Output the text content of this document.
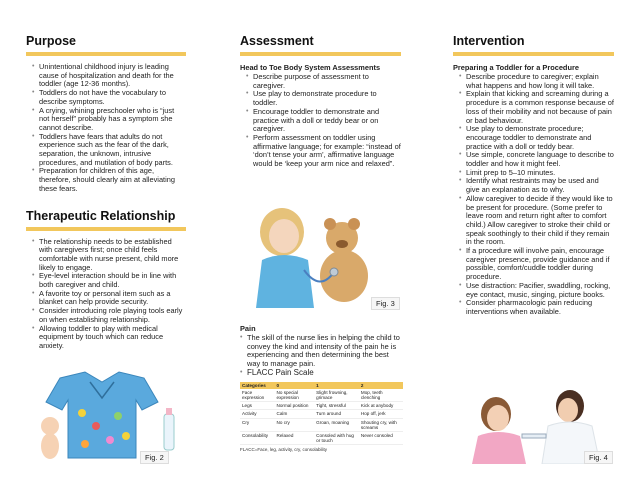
Purpose
• Unintentional childhood injury is leading cause of hospitalization and death for the toddler (age 12-36 months).
• Toddlers do not have the vocabulary to describe symptoms.
• A crying, whining preschooler who is “just not herself” probably has a symptom she cannot describe.
• Toddlers have fears that adults do not experience such as the fear of the dark, separation, the unknown, intrusive procedures, and mutilation of body parts.
• Preparation for children of this age, therefore, should clearly aim at alleviating these fears.
Therapeutic Relationship
• The relationship needs to be established with caregivers first; once child feels comfortable with nurse present, child more likely to engage.
• Eye-level interaction should be in line with both caregiver and child.
• A favorite toy or personal item such as a blanket can help provide security.
• Consider introducing role playing tools early on when establishing relationship.
• Allowing toddler to play with medical equipment by touch which can reduce anxiety.
Fig. 2
Assessment
Head to Toe Body System Assessments
• Describe purpose of assessment to caregiver.
• Use play to demonstrate procedure to toddler.
• Encourage toddler to demonstrate and practice with a doll or teddy bear or on caregiver.
• Perform assessment on toddler using affirmative language; for example: “instead of ‘don’t tense your arm’, affirmative language would be ‘keep your arm nice and relaxed”.
Fig. 3
Pain
• The skill of the nurse lies in helping the child to convey the kind and intensity of the pain he is experiencing and then determining the best way to manage pain.
• FLACC Pain Scale
Categories	0	1	2
Face expression	No special expression	Slight frowning, grimace	Mop, teeth clenching
Legs	Normal position	Tight, stressful	Kick at anybody
Activity	Calm	Turn around	Hop off, jerk
Cry	No cry	Groan, moaning	Shouting cry, with screams
Consolability	Relaxed	Consoled with hug or touch	Never consoled
FLACC=Face, leg, activity, cry, consolability
Intervention
Preparing a Toddler for a Procedure
• Describe procedure to caregiver; explain what happens and how long it will take.
• Explain that kicking and screaming during a procedure is a common response because of loss of their mobility and not because of pain or bad behaviour.
• Use play to demonstrate procedure; encourage toddler to demonstrate and practice with a doll or teddy bear.
• Use simple, concrete language to describe to toddler and how it might feel.
• Limit prep to 5–10 minutes.
• Identify what restraints may be used and give an explanation as to why.
• Allow caregiver to decide if they would like to be present for procedure. (Some prefer to leave room and return right after to comfort child.) Allow caregiver to stroke their child or speak soothingly to their child if they remain in the room.
• If a procedure will involve pain, encourage caregiver presence, provide guidance and if possible, comfort/cuddle toddler during procedure.
• Use distraction: Pacifier, swaddling, rocking, eye contact, music, singing, picture books.
• Consider pharmacologic pain reducing interventions when available.
Fig. 4
